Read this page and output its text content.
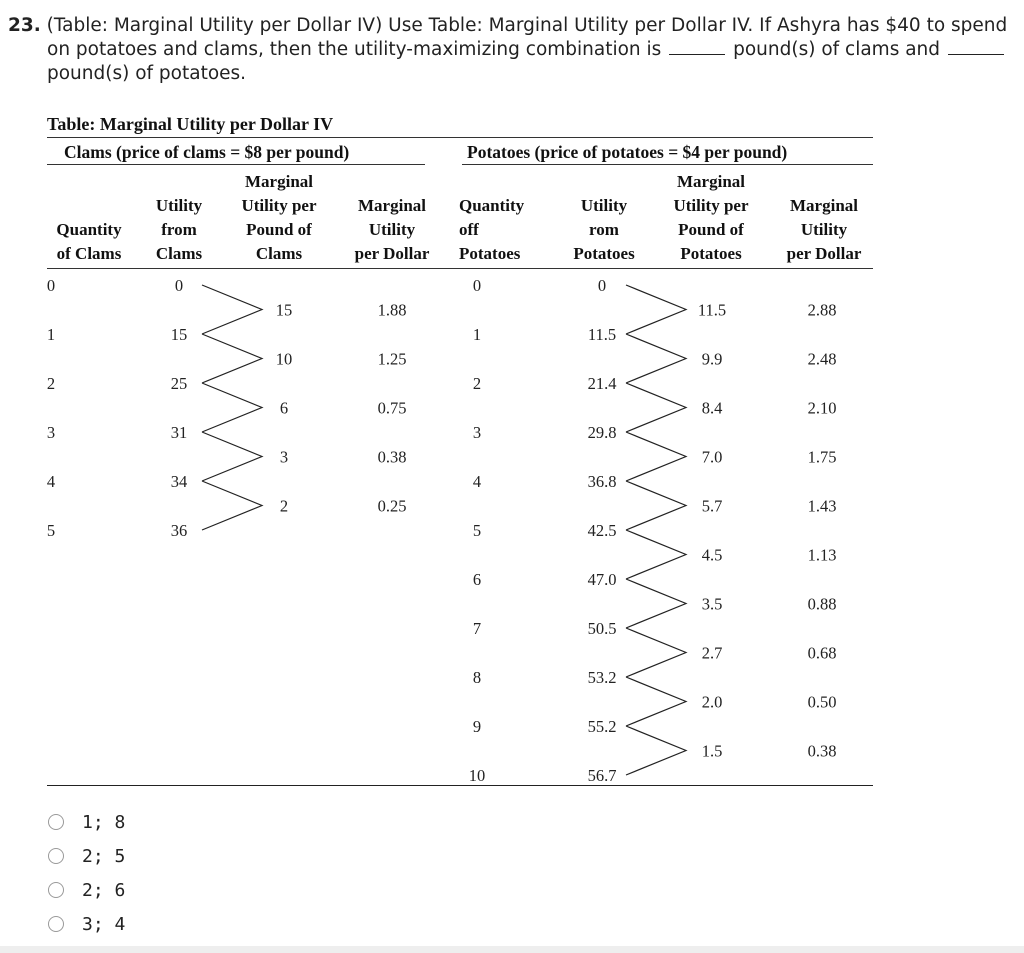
23. (Table: Marginal Utility per Dollar IV) Use Table: Marginal Utility per Dollar IV. If Ashyra has $40 to spend on potatoes and clams, then the utility-maximizing combination is	pound(s) of clams and  pound(s) of potatoes.
Table: Marginal Utility per Dollar IV
Clams (price of clams = $8 per pound)	Potatoes (price of potatoes = $4 per pound)
Quantity
of Clams
Utility
from
Clams
Marginal
Utility per
Pound of
Clams
Marginal
Utility
per Dollar
Quantity
off
Potatoes
Utility
rom
Potatoes
Marginal
Utility per
Pound of
Potatoes
Marginal
Utility
per Dollar
0
1
2
3
4
5
0
15
25
31
34
36
15
10
6
3
2
1.88
1.25
0.75
0.38
0.25
0
1
2
3
4
5
6
7
8
9
10
0
11.5
21.4
29.8
36.8
42.5
47.0
50.5
53.2
55.2
56.7
11.5
9.9
8.4
7.0
5.7
4.5
3.5
2.7
2.0
1.5
2.88
2.48
2.10
1.75
1.43
1.13
0.88
0.68
0.50
0.38
1; 8
2; 5
2; 6
3; 4
